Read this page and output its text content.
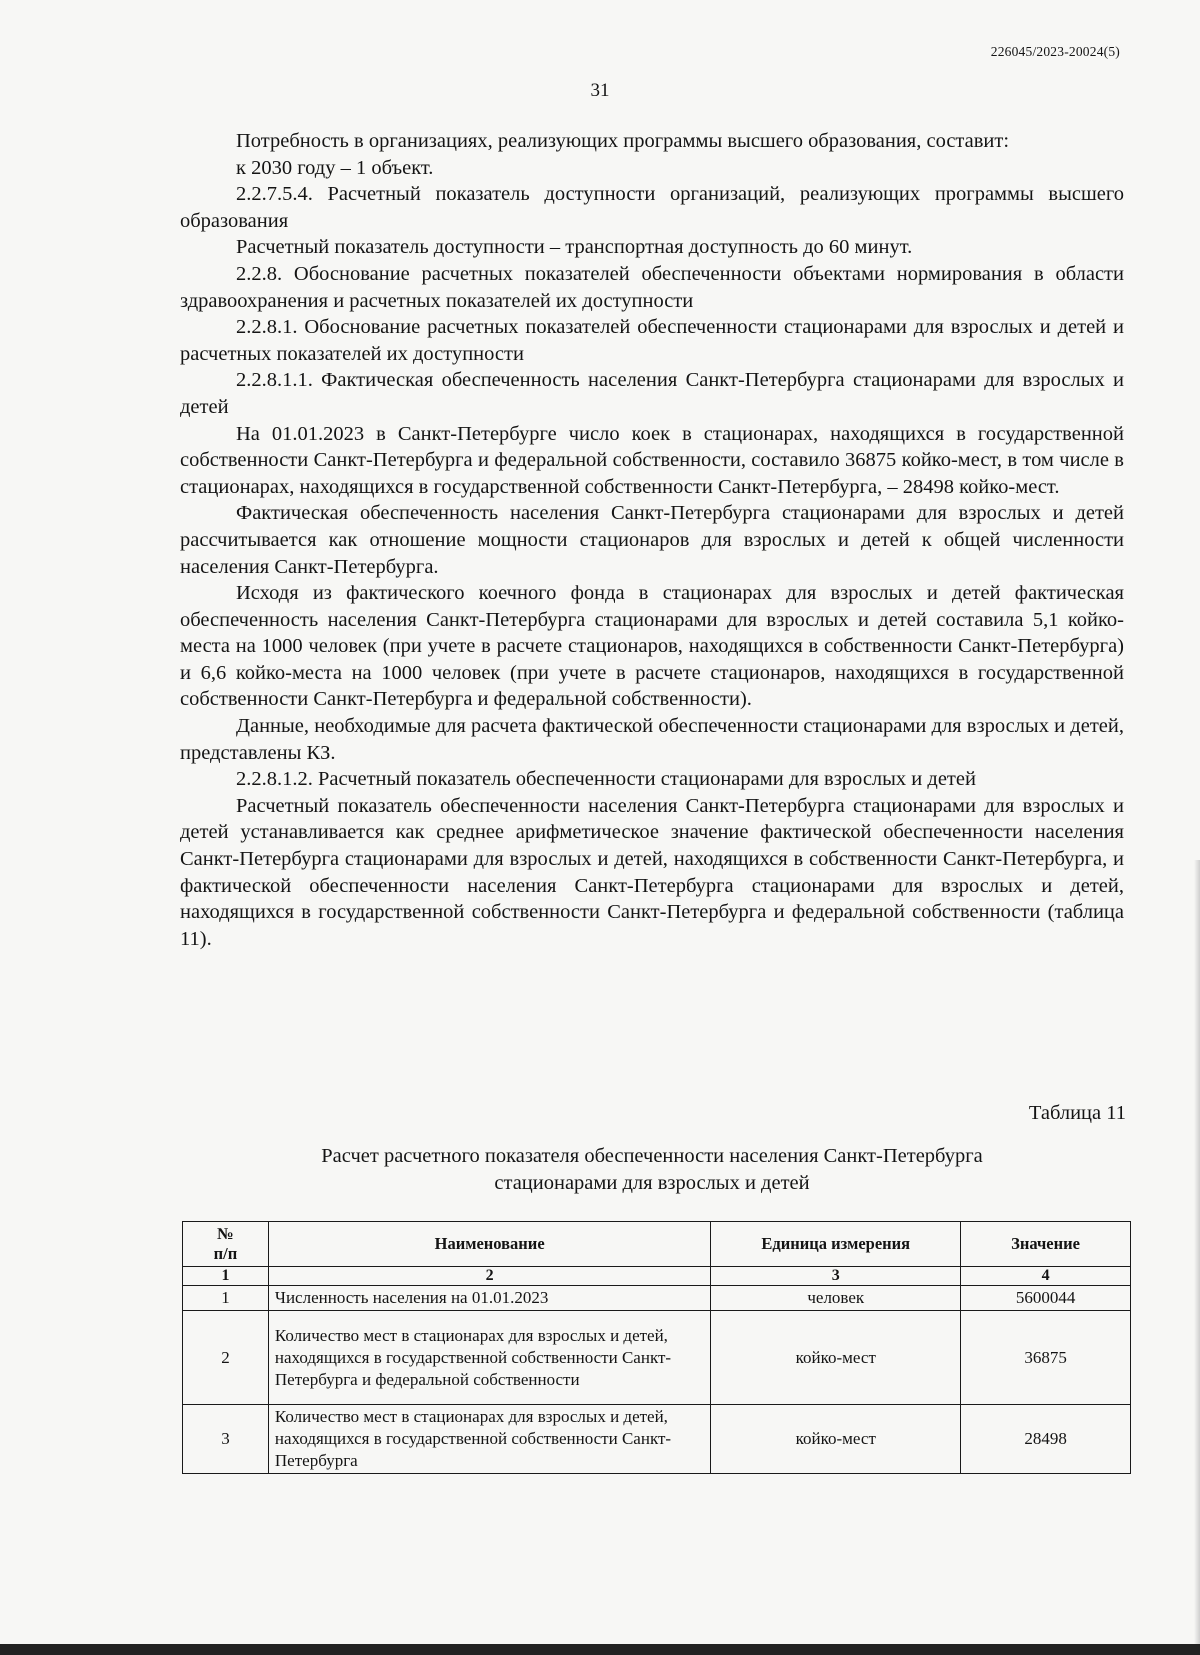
226045/2023-20024(5)
31

Потребность в организациях, реализующих программы высшего образования, составит:

к 2030 году – 1 объект.

2.2.7.5.4. Расчетный показатель доступности организаций, реализующих программы высшего образования

Расчетный показатель доступности – транспортная доступность до 60 минут.

2.2.8. Обоснование расчетных показателей обеспеченности объектами нормирования в области здравоохранения и расчетных показателей их доступности

2.2.8.1. Обоснование расчетных показателей обеспеченности стационарами для взрослых и детей и расчетных показателей их доступности

2.2.8.1.1. Фактическая обеспеченность населения Санкт-Петербурга стационарами для взрослых и детей

На 01.01.2023 в Санкт-Петербурге число коек в стационарах, находящихся в государственной собственности Санкт-Петербурга и федеральной собственности, составило 36875 койко-мест, в том числе в стационарах, находящихся в государственной собственности Санкт-Петербурга, – 28498 койко-мест.

Фактическая обеспеченность населения Санкт-Петербурга стационарами для взрослых и детей рассчитывается как отношение мощности стационаров для взрослых и детей к общей численности населения Санкт-Петербурга.

Исходя из фактического коечного фонда в стационарах для взрослых и детей фактическая обеспеченность населения Санкт-Петербурга стационарами для взрослых и детей составила 5,1 койко-места на 1000 человек (при учете в расчете стационаров, находящихся в собственности Санкт-Петербурга) и 6,6 койко-места на 1000 человек (при учете в расчете стационаров, находящихся в государственной собственности Санкт-Петербурга и федеральной собственности).

Данные, необходимые для расчета фактической обеспеченности стационарами для взрослых и детей, представлены КЗ.

2.2.8.1.2. Расчетный показатель обеспеченности стационарами для взрослых и детей

Расчетный показатель обеспеченности населения Санкт-Петербурга стационарами для взрослых и детей устанавливается как среднее арифметическое значение фактической обеспеченности населения Санкт-Петербурга стационарами для взрослых и детей, находящихся в собственности Санкт-Петербурга, и фактической обеспеченности населения Санкт-Петербурга стационарами для взрослых и детей, находящихся в государственной собственности Санкт-Петербурга и федеральной собственности (таблица 11).

Таблица 11
Расчет расчетного показателя обеспеченности населения Санкт-Петербурга
стационарами для взрослых и детей
№
п/п	Наименование	Единица измерения	Значение
1	2	3	4
1	Численность населения на 01.01.2023	человек	5600044
2	Количество мест в стационарах для взрослых и детей, находящихся в государственной собственности Санкт-Петербурга и федеральной собственности	койко-мест	36875
3	Количество мест в стационарах для взрослых и детей, находящихся в государственной собственности Санкт-Петербурга	койко-мест	28498
